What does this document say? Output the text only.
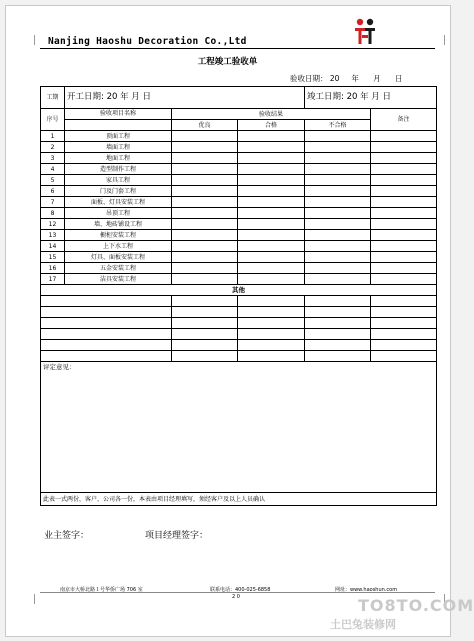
Nanjing Haoshu Decoration Co.,Ltd
工程竣工验收单
验收日期： 20     年      月      日
工期	开工日期: 20 年 月 日			竣工日期: 20 年 月 日	
序号	验收项目名称	验收结果			备注
		优良	合格	不合格	
1	顶面工程				
2	墙面工程				
3	地面工程				
4	造型制作工程				
5	家具工程				
6	门及门套工程				
7	面板、灯具安装工程				
8	吊顶工程				
12	墙、地砖铺设工程				
13	橱柜安装工程				
14	上下水工程				
15	灯具、面板安装工程				
16	五金安装工程				
17	洁具安装工程				
其他					

评定意见：					

此表一式两份，客户、公司各一份，本表由项目经理填写，须经客户及以上人员确认					
业主签字：	项目经理签字：
南京市大桥北路１号华侨广场 706 室	联系电话：400-025-6858	网址：www.haoshun.com
2 0	TO8TO.COM
土巴兔装修网
